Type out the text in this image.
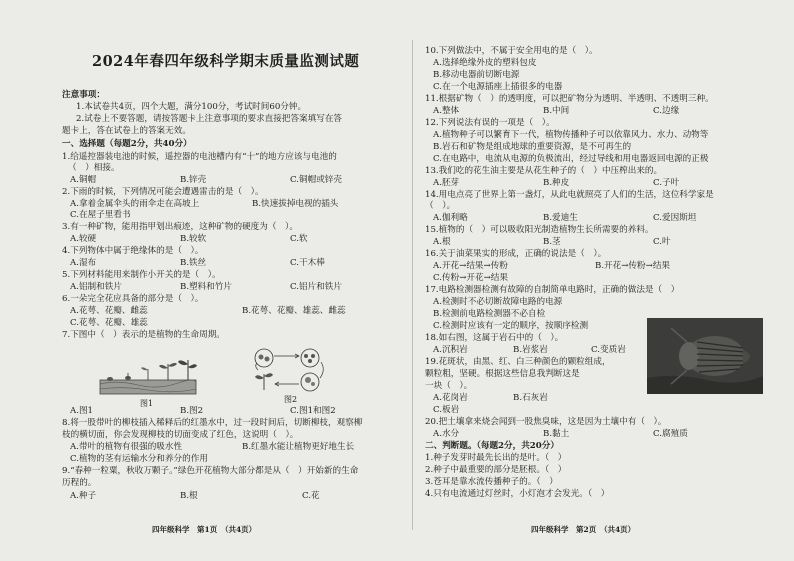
2024年春四年级科学期末质量监测试题
注意事项：
1.本试卷共4页，四个大题，满分100分，考试时间60分钟。
2.试卷上不要答题，请按答题卡上注意事项的要求直接把答案填写在答
题卡上，答在试卷上的答案无效。
一、选择题（每题2分，共40分）
1.给遥控器装电池的时候，遥控器的电池槽内有“十”的地方应该与电池的
（　）相接。
2.下雨的时候，下列情况可能会遭遇雷击的是（　）。
3.有一种矿物，能用指甲划出痕迹，这种矿物的硬度为（　）。
4.下列物体中属于绝缘体的是（　）。
5.下列材料能用来制作小开关的是（　）。
6.一朵完全花应具备的部分是（　）。
7.下图中（　）表示的是植物的生命周期。
8.将一股带叶的柳枝插入稀释后的红墨水中，过一段时间后，切断柳枝，观察柳
枝的横切面，你会发现柳枝的切面变成了红色，这说明（　）。
9.“春种一粒粟，秋收万颗子。”绿色开花植物大部分都是从（　）开始新的生命
历程的。
A.铜帽	B.锌壳	C.铜帽或锌壳
A.拿着金属伞头的雨伞走在高坡上	B.快速拔掉电视的插头
C.在屋子里看书
A.较硬	B.较软	C.软
A.湿布	B.铁丝	C.干木棒
A.铝制和铁片	B.塑料和竹片	C.铝片和铁片
A.花萼、花瓣、雌蕊	B.花萼、花瓣、雄蕊、雌蕊
C.花萼、花瓣、雄蕊
A.图1	B.图2	C.图1和图2
A.带叶的植物有很强的吸水性	B.红墨水能让植物更好地生长
C.植物的茎有运输水分和养分的作用
A.种子	B.根	C.花
图1	图2
四年级科学　第1页　（共4页）
10.下列做法中，不属于安全用电的是（　）。
11.根据矿物（　）的透明度，可以把矿物分为透明、半透明、不透明三种。
12.下列说法有误的一项是（　）。
13.我们吃的花生油主要是从花生种子的（　）中压榨出来的。
14.用电点亮了世界上第一盏灯，从此电就照亮了人们的生活，这位科学家是
（　）。
15.植物的（　）可以吸收阳光制造植物生长所需要的养料。
16.关于油菜果实的形成，正确的说法是（　）。
17.电路检测器检测有故障的自制简单电路时，正确的做法是（　）
18.如右图，这属于岩石中的（　）。
19.花斑状，由黑、红、白三种颜色的颗粒组成，
颗粒粗，坚硬。根据这些信息我判断这是
一块（　）。
20.把土壤拿来烧会闻到一股焦臭味，这是因为土壤中有（　）。
二、判断题。（每题2分，共20分）
1.种子发芽时最先长出的是叶。（　）
2.种子中最重要的部分是胚根。（　）
3.苍耳是靠水流传播种子的。（　）
4.只有电流通过灯丝时，小灯泡才会发光。（　）
A.选择绝缘外皮的塑料包皮
B.移动电器前切断电源
C.在一个电源插座上插很多的电器
A.整体	B.中间	C.边缘
A.植物种子可以繁育下一代，植物传播种子可以依靠风力、水力、动物等
B.岩石和矿物是组成地球的重要资源，是不可再生的
C.在电路中，电流从电源的负极流出，经过导线和用电器返回电源的正极
A.胚芽	B.种皮	C.子叶
A.伽利略	B.爱迪生	C.爱因斯坦
A.根	B.茎	C.叶
A.开花→结果→传粉	B.开花→传粉→结果
C.传粉→开花→结果
A.检测时不必切断故障电路的电源
B.检测前电路检测器不必自检
C.检测时应该有一定的顺序，按顺序检测
A.沉积岩	B.岩浆岩	C.变质岩
A.花岗岩	B.石灰岩
C.板岩
A.水分	B.黏土	C.腐殖质
四年级科学　第2页　（共4页）
